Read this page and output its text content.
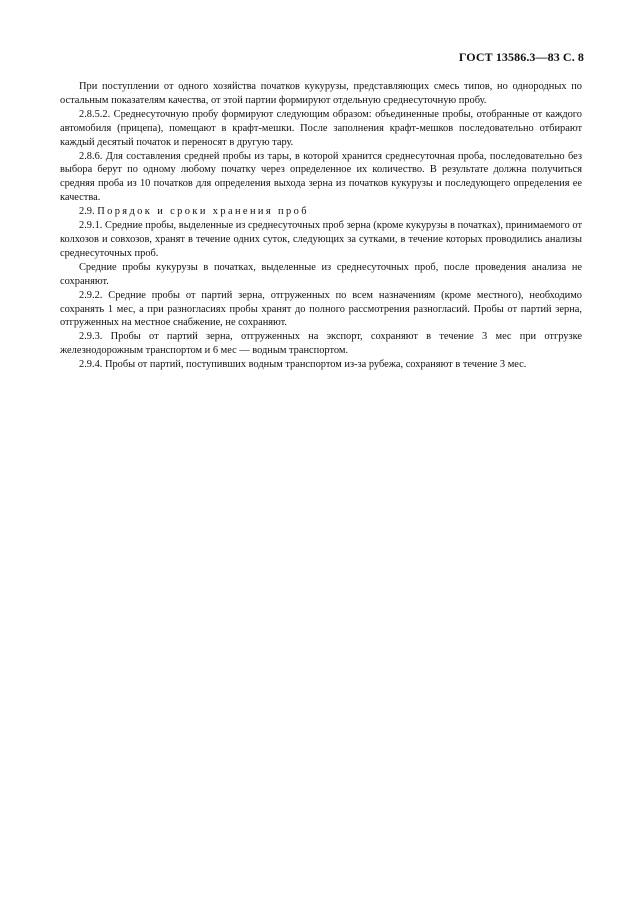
ГОСТ 13586.3—83 С. 8

При поступлении от одного хозяйства початков кукурузы, представляющих смесь типов, но однородных по остальным показателям качества, от этой партии формируют отдельную среднесуточную пробу.

2.8.5.2. Среднесуточную пробу формируют следующим образом: объединенные пробы, отобранные от каждого автомобиля (прицепа), помещают в крафт-мешки. После заполнения крафт-мешков последовательно отбирают каждый десятый початок и переносят в другую тару.

2.8.6. Для составления средней пробы из тары, в которой хранится среднесуточная проба, последовательно без выбора берут по одному любому початку через определенное их количество. В результате должна получиться средняя проба из 10 початков для определения выхода зерна из початков кукурузы и последующего определения ее качества.

2.9. Порядок и сроки хранения проб

2.9.1. Средние пробы, выделенные из среднесуточных проб зерна (кроме кукурузы в початках), принимаемого от колхозов и совхозов, хранят в течение одних суток, следующих за сутками, в течение которых проводились анализы среднесуточных проб.

Средние пробы кукурузы в початках, выделенные из среднесуточных проб, после проведения анализа не сохраняют.

2.9.2. Средние пробы от партий зерна, отгруженных по всем назначениям (кроме местного), необходимо сохранять 1 мес, а при разногласиях пробы хранят до полного рассмотрения разногласий. Пробы от партий зерна, отгруженных на местное снабжение, не сохраняют.

2.9.3. Пробы от партий зерна, отгруженных на экспорт, сохраняют в течение 3 мес при отгрузке железнодорожным транспортом и 6 мес — водным транспортом.

2.9.4. Пробы от партий, поступивших водным транспортом из-за рубежа, сохраняют в течение 3 мес.
